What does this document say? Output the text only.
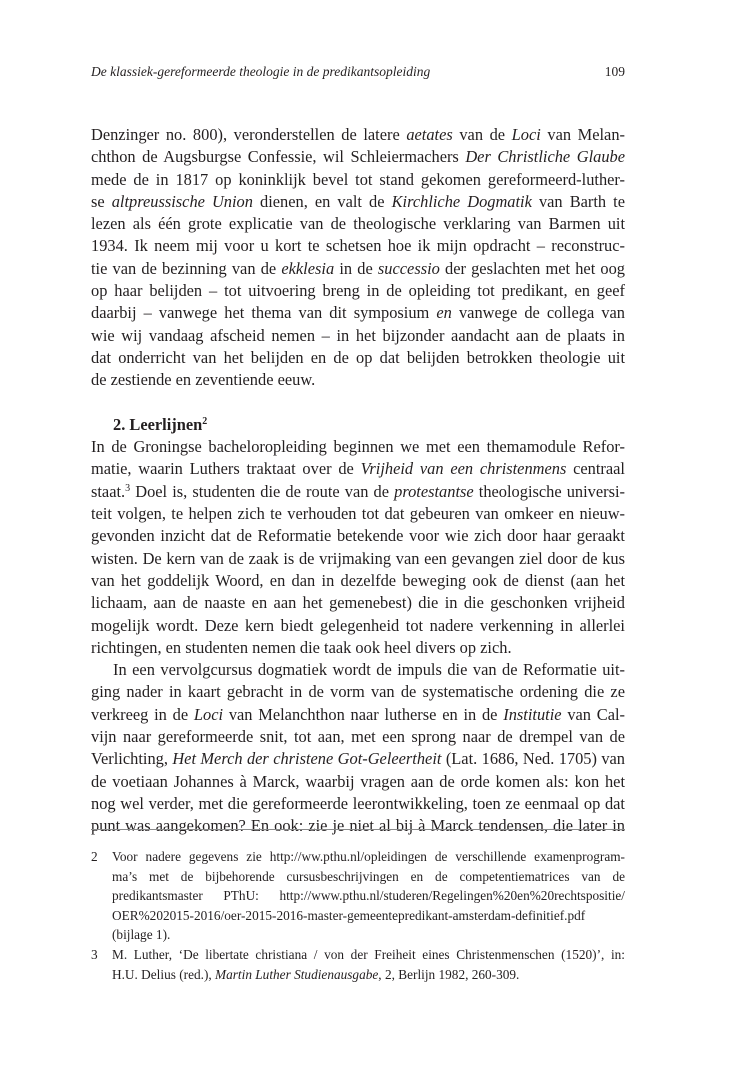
De klassiek-gereformeerde theologie in de predikantsopleiding	109
Denzinger no. 800), veronderstellen de latere aetates van de Loci van Melan-
chthon de Augsburgse Confessie, wil Schleiermachers Der Christliche Glaube
mede de in 1817 op koninklijk bevel tot stand gekomen gereformeerd-luther-
se altpreussische Union dienen, en valt de Kirchliche Dogmatik van Barth te
lezen als één grote explicatie van de theologische verklaring van Barmen uit
1934. Ik neem mij voor u kort te schetsen hoe ik mijn opdracht – reconstruc-
tie van de bezinning van de ekklesia in de successio der geslachten met het oog
op haar belijden – tot uitvoering breng in de opleiding tot predikant, en geef
daarbij – vanwege het thema van dit symposium en vanwege de collega van
wie wij vandaag afscheid nemen – in het bijzonder aandacht aan de plaats in
dat onderricht van het belijden en de op dat belijden betrokken theologie uit
de zestiende en zeventiende eeuw.
2. Leerlijnen$^2$
In de Groningse bacheloropleiding beginnen we met een themamodule Refor-
matie, waarin Luthers traktaat over de Vrijheid van een christenmens centraal
staat.$^3$ Doel is, studenten die de route van de protestantse theologische universi-
teit volgen, te helpen zich te verhouden tot dat gebeuren van omkeer en nieuw-
gevonden inzicht dat de Reformatie betekende voor wie zich door haar geraakt
wisten. De kern van de zaak is de vrijmaking van een gevangen ziel door de kus
van het goddelijk Woord, en dan in dezelfde beweging ook de dienst (aan het
lichaam, aan de naaste en aan het gemenebest) die in die geschonken vrijheid
mogelijk wordt. Deze kern biedt gelegenheid tot nadere verkenning in allerlei
richtingen, en studenten nemen die taak ook heel divers op zich.
In een vervolgcursus dogmatiek wordt de impuls die van de Reformatie uit-
ging nader in kaart gebracht in de vorm van de systematische ordening die ze
verkreeg in de Loci van Melanchthon naar lutherse en in de Institutie van Cal-
vijn naar gereformeerde snit, tot aan, met een sprong naar de drempel van de
Verlichting, Het Merch der christene Got-Geleertheit (Lat. 1686, Ned. 1705) van
de voetiaan Johannes à Marck, waarbij vragen aan de orde komen als: kon het
nog wel verder, met die gereformeerde leerontwikkeling, toen ze eenmaal op dat
punt was aangekomen? En ook: zie je niet al bij à Marck tendensen, die later in
2 Voor nadere gegevens zie http://ww.pthu.nl/opleidingen de verschillende examenprogram-
ma’s met de bijbehorende cursusbeschrijvingen en de competentiematrices van de
predikantsmaster PThU: http://www.pthu.nl/studeren/Regelingen%20en%20rechtspositie/
OER%202015-2016/oer-2015-2016-master-gemeentepredikant-amsterdam-definitief.pdf
(bijlage 1).
3 M. Luther, ‘De libertate christiana / von der Freiheit eines Christenmenschen (1520)’, in:
H.U. Delius (red.), Martin Luther Studienausgabe, 2, Berlijn 1982, 260-309.
